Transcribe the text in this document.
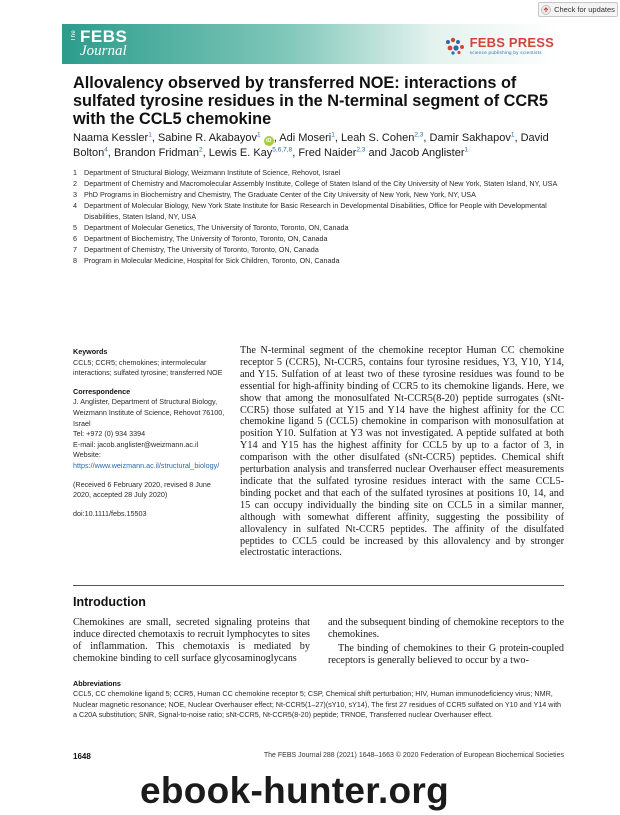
Check for updates
The FEBS
Journal
FEBS PRESS
science publishing by scientists
Allovalency observed by transferred NOE: interactions of sulfated tyrosine residues in the N-terminal segment of CCR5 with the CCL5 chemokine
Naama Kessler$^1$, Sabine R. Akabayov$^1$ iD , Adi Moseri$^1$, Leah S. Cohen$^{2,3}$, Damir Sakhapov$^1$, David Bolton$^4$, Brandon Fridman$^2$, Lewis E. Kay$^{5,6,7,8}$, Fred Naider$^{2,3}$ and Jacob Anglister$^1$
1 Department of Structural Biology, Weizmann Institute of Science, Rehovot, Israel
2 Department of Chemistry and Macromolecular Assembly Institute, College of Staten Island of the City University of New York, Staten Island, NY, USA
3 PhD Programs in Biochemistry and Chemistry, The Graduate Center of the City University of New York, New York, NY, USA
4 Department of Molecular Biology, New York State Institute for Basic Research in Developmental Disabilities, Office for People with Developmental Disabilities, Staten Island, NY, USA
5 Department of Molecular Genetics, The University of Toronto, Toronto, ON, Canada
6 Department of Biochemistry, The University of Toronto, Toronto, ON, Canada
7 Department of Chemistry, The University of Toronto, Toronto, ON, Canada
8 Program in Molecular Medicine, Hospital for Sick Children, Toronto, ON, Canada
Keywords
CCL5; CCR5; chemokines; intermolecular interactions; sulfated tyrosine; transferred NOE
Correspondence
J. Anglister, Department of Structural Biology, Weizmann Institute of Science, Rehovot 76100, Israel
Tel: +972 (0) 934 3394
E-mail: jacob.anglister@weizmann.ac.il
Website: https://www.weizmann.ac.il/structural_biology/
(Received 6 February 2020, revised 8 June 2020, accepted 28 July 2020)
doi:10.1111/febs.15503
The N-terminal segment of the chemokine receptor Human CC chemokine receptor 5 (CCR5), Nt-CCR5, contains four tyrosine residues, Y3, Y10, Y14, and Y15. Sulfation of at least two of these tyrosine residues was found to be essential for high-affinity binding of CCR5 to its chemokine ligands. Here, we show that among the monosulfated Nt-CCR5(8-20) peptide surrogates (sNt-CCR5) those sulfated at Y15 and Y14 have the highest affinity for the CC chemokine ligand 5 (CCL5) chemokine in comparison with monosulfation at position Y10. Sulfation at Y3 was not investigated. A peptide sulfated at both Y14 and Y15 has the highest affinity for CCL5 by up to a factor of 3, in comparison with the other disulfated (sNt-CCR5) peptides. Chemical shift perturbation analysis and transferred nuclear Overhauser effect measurements indicate that the sulfated tyrosine residues interact with the same CCL5-binding pocket and that each of the sulfated tyrosines at positions 10, 14, and 15 can occupy individually the binding site on CCL5 in a similar manner, although with somewhat different affinity, suggesting the possibility of allovalency in sulfated Nt-CCR5 peptides. The affinity of the disulfated peptides to CCL5 could be increased by this allovalency and by stronger electrostatic interactions.
Introduction
Chemokines are small, secreted signaling proteins that induce directed chemotaxis to recruit lymphocytes to sites of inflammation. This chemotaxis is mediated by chemokine binding to cell surface glycosaminoglycans
and the subsequent binding of chemokine receptors to the chemokines.
The binding of chemokines to their G protein-coupled receptors is generally believed to occur by a two-
Abbreviations
CCL5, CC chemokine ligand 5; CCR5, Human CC chemokine receptor 5; CSP, Chemical shift perturbation; HIV, Human immunodeficiency virus; NMR, Nuclear magnetic resonance; NOE, Nuclear Overhauser effect; Nt-CCR5(1–27)(sY10, sY14), The first 27 residues of CCR5 sulfated on Y10 and Y14 with a C20A substitution; SNR, Signal-to-noise ratio; sNt-CCR5, Nt-CCR5(8-20) peptide; TRNOE, Transferred nuclear Overhauser effect.
1648	The FEBS Journal 288 (2021) 1648–1663 © 2020 Federation of European Biochemical Societies
ebook-hunter.org
